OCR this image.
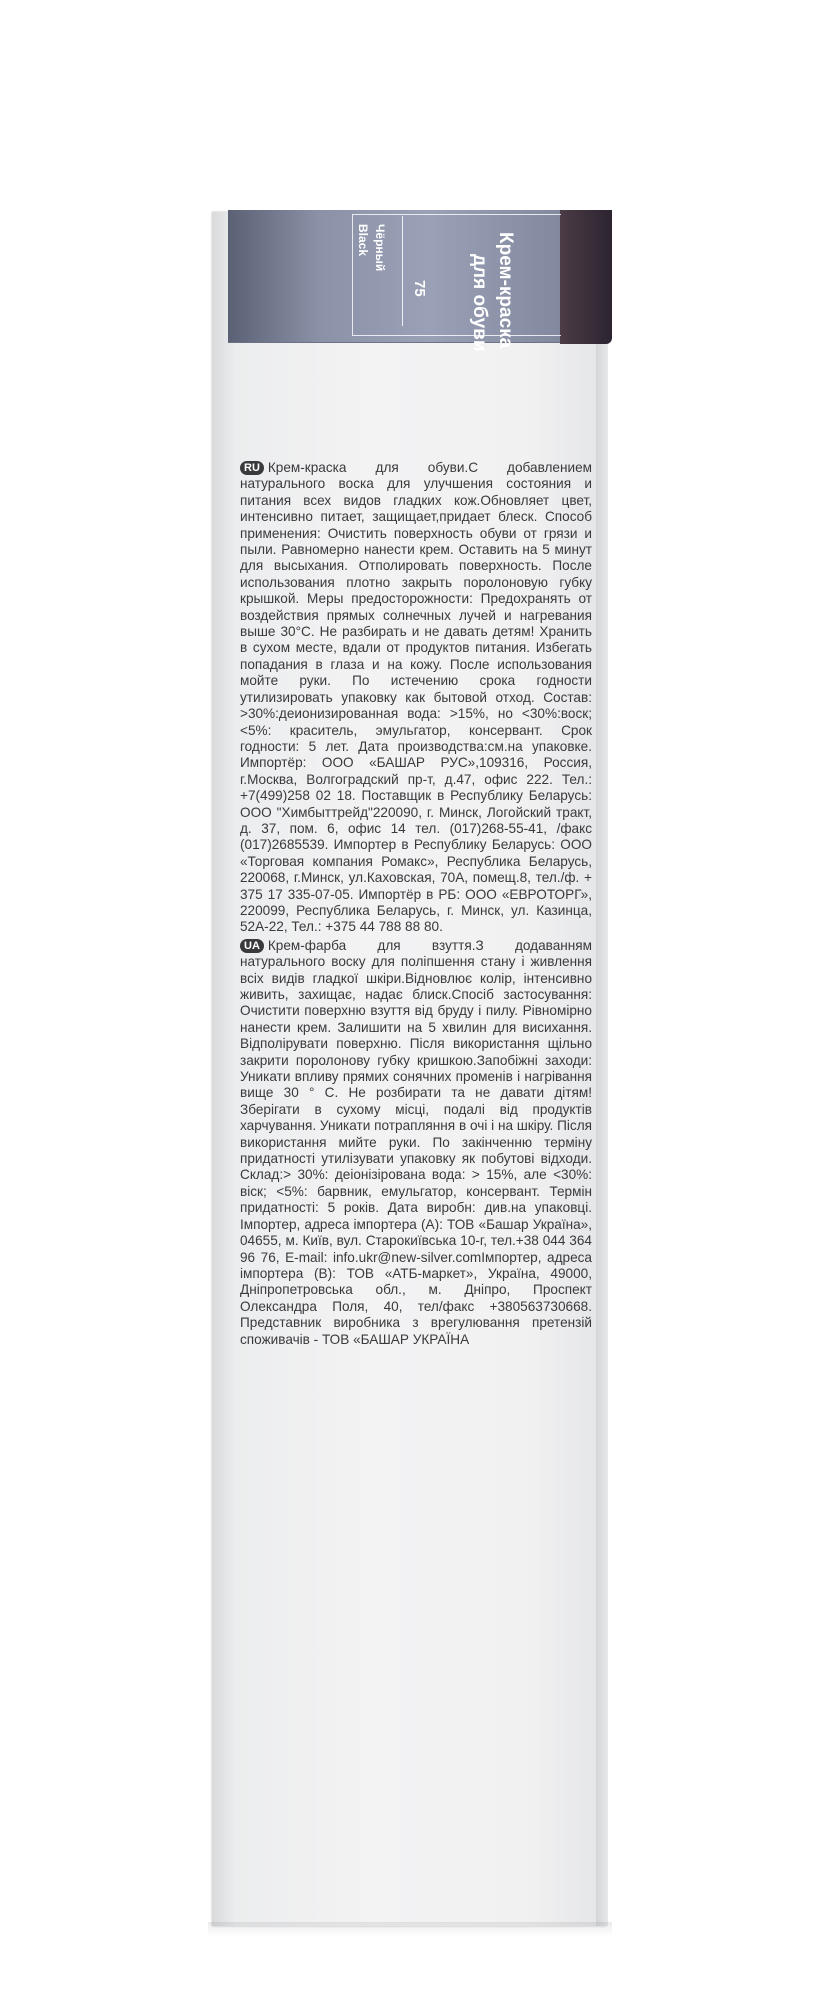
Крем-краска
для обуви
75
Чёрный
Black

RU Крем-краска для обуви.С добавлением натурального воска для улучшения состояния и питания всех видов гладких кож.Обновляет цвет, интенсивно питает, защищает,придает блеск. Способ применения: Очистить поверхность обуви от грязи и пыли. Равномерно нанести крем. Оставить на 5 минут для высыхания. Отполировать поверхность. После использования плотно закрыть поролоновую губку крышкой. Меры предосторожности: Предохранять от воздействия прямых солнечных лучей и нагревания выше 30°С. Не разбирать и не давать детям! Хранить в сухом месте, вдали от продуктов питания. Избегать попадания в глаза и на кожу. После использования мойте руки. По истечению срока годности утилизировать упаковку как бытовой отход. Состав: >30%:деионизированная вода: >15%, но <30%:воск; <5%: краситель, эмульгатор, консервант. Срок годности: 5 лет. Дата производства:см.на упаковке. Импортёр: ООО «БАШАР РУС»,109316, Россия, г.Москва, Волгоградский пр-т, д.47, офис 222. Тел.: +7(499)258 02 18. Поставщик в Республику Беларусь: ООО "Химбыттрейд"220090, г. Минск, Логойский тракт, д. 37, пом. 6, офис 14 тел. (017)268-55-41, /факс (017)2685539. Импортер в Республику Беларусь: ООО «Торговая компания Ромакс», Республика Беларусь, 220068, г.Минск, ул.Каховская, 70А, помещ.8, тел./ф. + 375 17 335-07-05. Импортёр в РБ: ООО «ЕВРОТОРГ», 220099, Республика Беларусь, г. Минск, ул. Казинца, 52А-22, Тел.: +375 44 788 88 80.

UA Крем-фарба для взуття.З додаванням натурального воску для поліпшення стану і живлення всіх видів гладкої шкіри.Відновлює колір, інтенсивно живить, захищає, надає блиск.Спосіб застосування: Очистити поверхню взуття від бруду і пилу. Рівномірно нанести крем. Залишити на 5 хвилин для висихання. Відполірувати поверхню. Після використання щільно закрити поролонову губку кришкою.Запобіжні заходи: Уникати впливу прямих сонячних променів і нагрівання вище 30 ° С. Не розбирати та не давати дітям! Зберігати в сухому місці, подалі від продуктів харчування. Уникати потрапляння в очі і на шкіру. Після використання мийте руки. По закінченню терміну придатності утилізувати упаковку як побутові відходи. Склад:> 30%: деіонізірована вода: > 15%, але <30%: віск; <5%: барвник, емульгатор, консервант. Термін придатності: 5 років. Дата виробн: див.на упаковці. Імпортер, адреса імпортера (А): ТОВ «Башар Україна», 04655, м. Київ, вул. Старокиївська 10-г, тел.+38 044 364 96 76, E-mail: info.ukr@new-silver.comІмпортер, адреса імпортера (В): ТОВ «АТБ-маркет», Україна, 49000, Дніпропетровська обл., м. Дніпро, Проспект Олександра Поля, 40, тел/факс +380563730668. Представник виробника з врегулювання претензій споживачів - ТОВ «БАШАР УКРАЇНА
